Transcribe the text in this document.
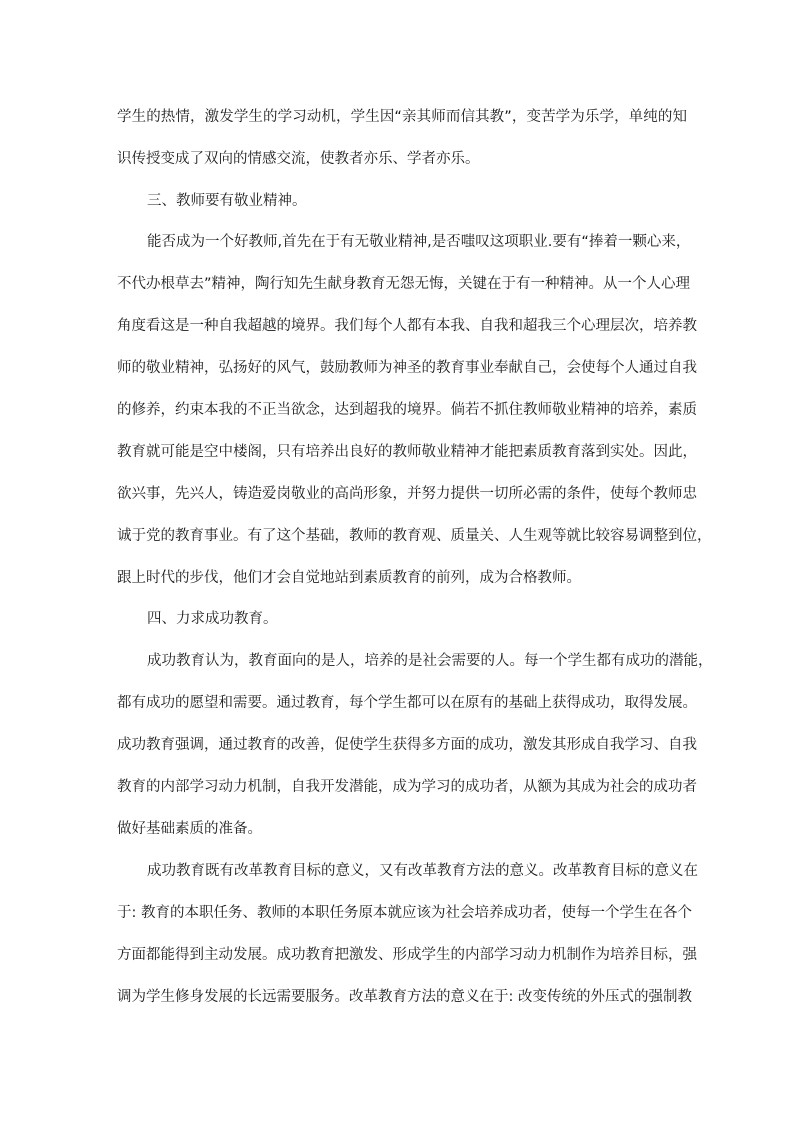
学生的热情，激发学生的学习动机，学生因“亲其师而信其教”，变苦学为乐学，单纯的知
识传授变成了双向的情感交流，使教者亦乐、学者亦乐。
三、教师要有敬业精神。
能否成为一个好教师,首先在于有无敬业精神,是否嗤叹这项职业.要有“捧着一颗心来，
不代办根草去”精神，陶行知先生献身教育无怨无悔，关键在于有一种精神。从一个人心理
角度看这是一种自我超越的境界。我们每个人都有本我、自我和超我三个心理层次，培养教
师的敬业精神，弘扬好的风气，鼓励教师为神圣的教育事业奉献自己，会使每个人通过自我
的修养，约束本我的不正当欲念，达到超我的境界。倘若不抓住教师敬业精神的培养，素质
教育就可能是空中楼阁，只有培养出良好的教师敬业精神才能把素质教育落到实处。因此，
欲兴事，先兴人，铸造爱岗敬业的高尚形象，并努力提供一切所必需的条件，使每个教师忠
诚于党的教育事业。有了这个基础，教师的教育观、质量关、人生观等就比较容易调整到位，
跟上时代的步伐，他们才会自觉地站到素质教育的前列，成为合格教师。
四、力求成功教育。
成功教育认为，教育面向的是人，培养的是社会需要的人。每一个学生都有成功的潜能，
都有成功的愿望和需要。通过教育，每个学生都可以在原有的基础上获得成功，取得发展。
成功教育强调，通过教育的改善，促使学生获得多方面的成功，激发其形成自我学习、自我
教育的内部学习动力机制，自我开发潜能，成为学习的成功者，从额为其成为社会的成功者
做好基础素质的准备。
成功教育既有改革教育目标的意义，又有改革教育方法的意义。改革教育目标的意义在
于: 教育的本职任务、教师的本职任务原本就应该为社会培养成功者，使每一个学生在各个
方面都能得到主动发展。成功教育把激发、形成学生的内部学习动力机制作为培养目标，强
调为学生修身发展的长远需要服务。改革教育方法的意义在于: 改变传统的外压式的强制教
